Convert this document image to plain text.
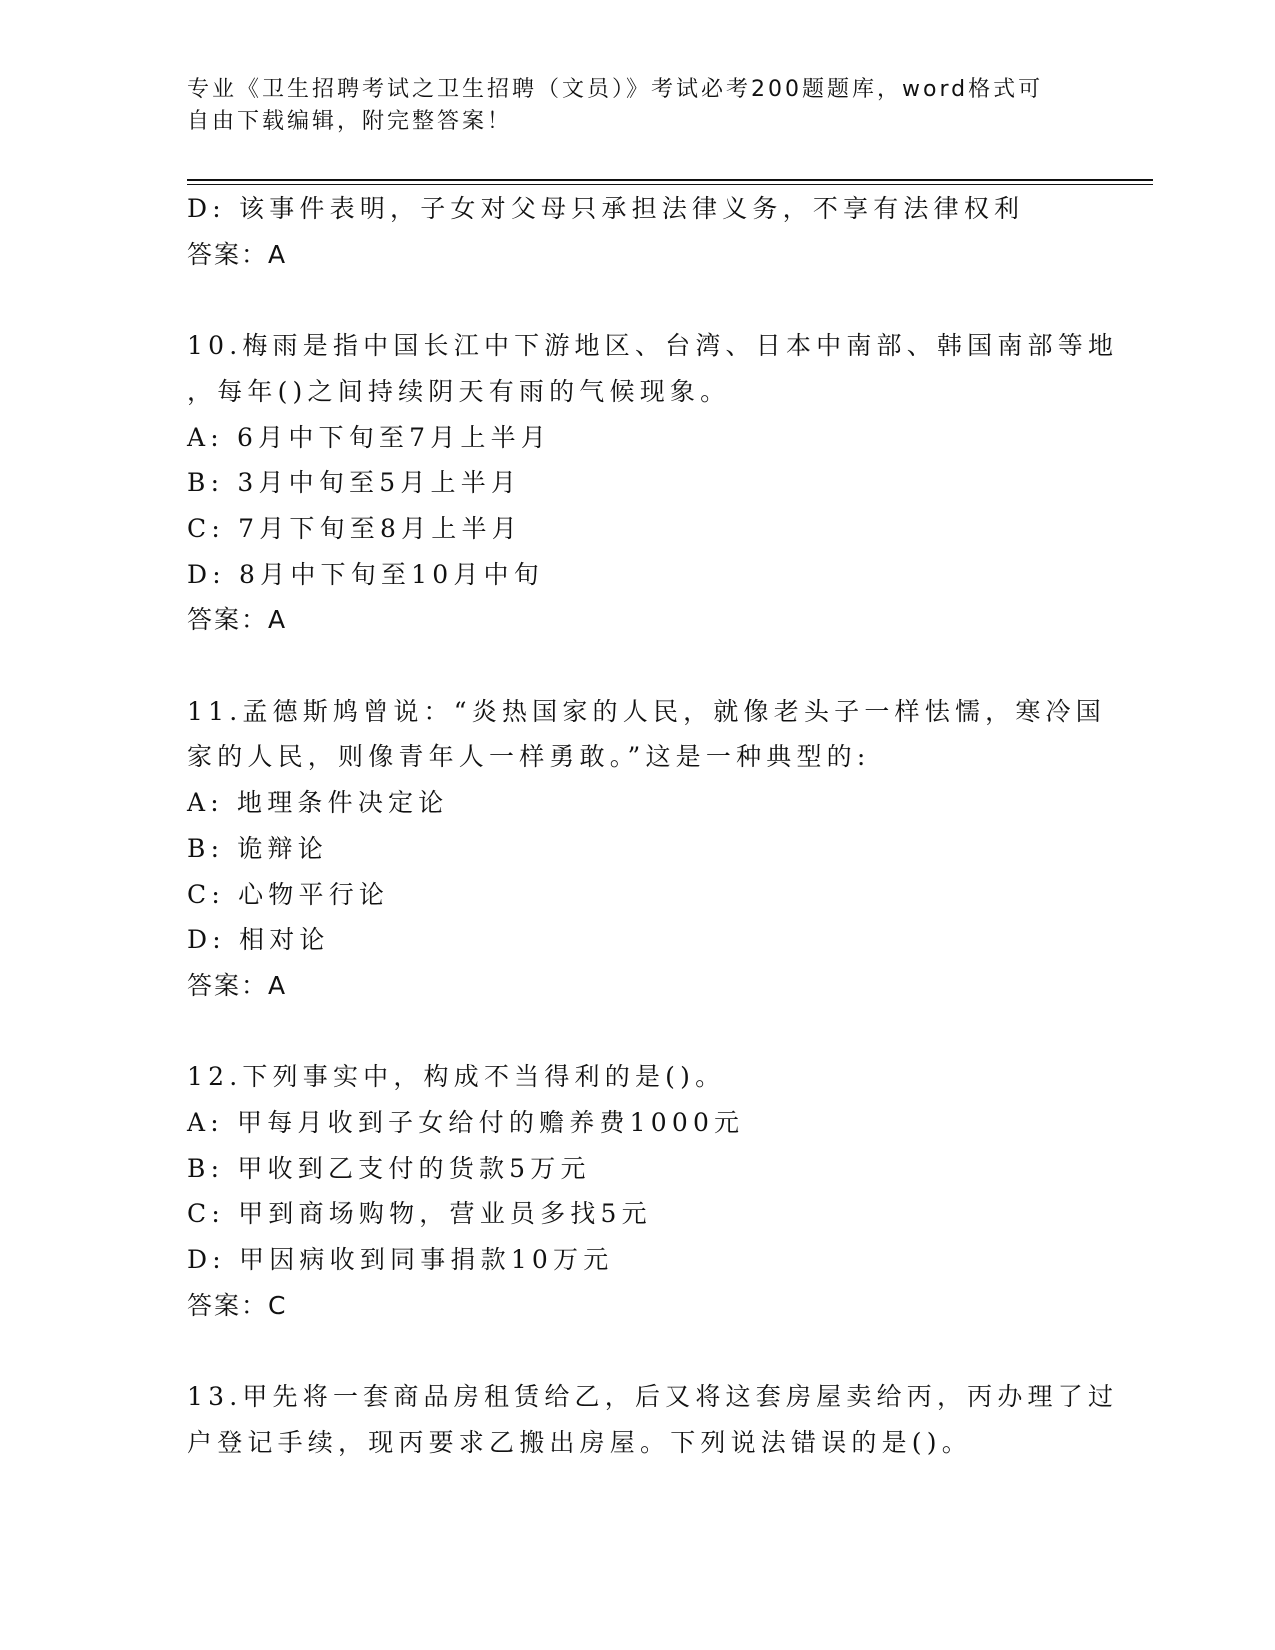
专业《卫生招聘考试之卫生招聘（文员）》考试必考200题题库，word格式可自由下载编辑，附完整答案！
D: 该事件表明，子女对父母只承担法律义务，不享有法律权利
答案：A
10.梅雨是指中国长江中下游地区、台湾、日本中南部、韩国南部等地
，每年()之间持续阴天有雨的气候现象。
A: 6月中下旬至7月上半月
B: 3月中旬至5月上半月
C: 7月下旬至8月上半月
D: 8月中下旬至10月中旬
答案：A
11.孟德斯鸠曾说：“炎热国家的人民，就像老头子一样怯懦，寒冷国
家的人民，则像青年人一样勇敢。”这是一种典型的:
A: 地理条件决定论
B: 诡辩论
C: 心物平行论
D: 相对论
答案：A
12.下列事实中，构成不当得利的是()。
A: 甲每月收到子女给付的赡养费1000元
B: 甲收到乙支付的货款5万元
C: 甲到商场购物，营业员多找5元
D: 甲因病收到同事捐款10万元
答案：C
13.甲先将一套商品房租赁给乙，后又将这套房屋卖给丙，丙办理了过
户登记手续，现丙要求乙搬出房屋。下列说法错误的是()。
